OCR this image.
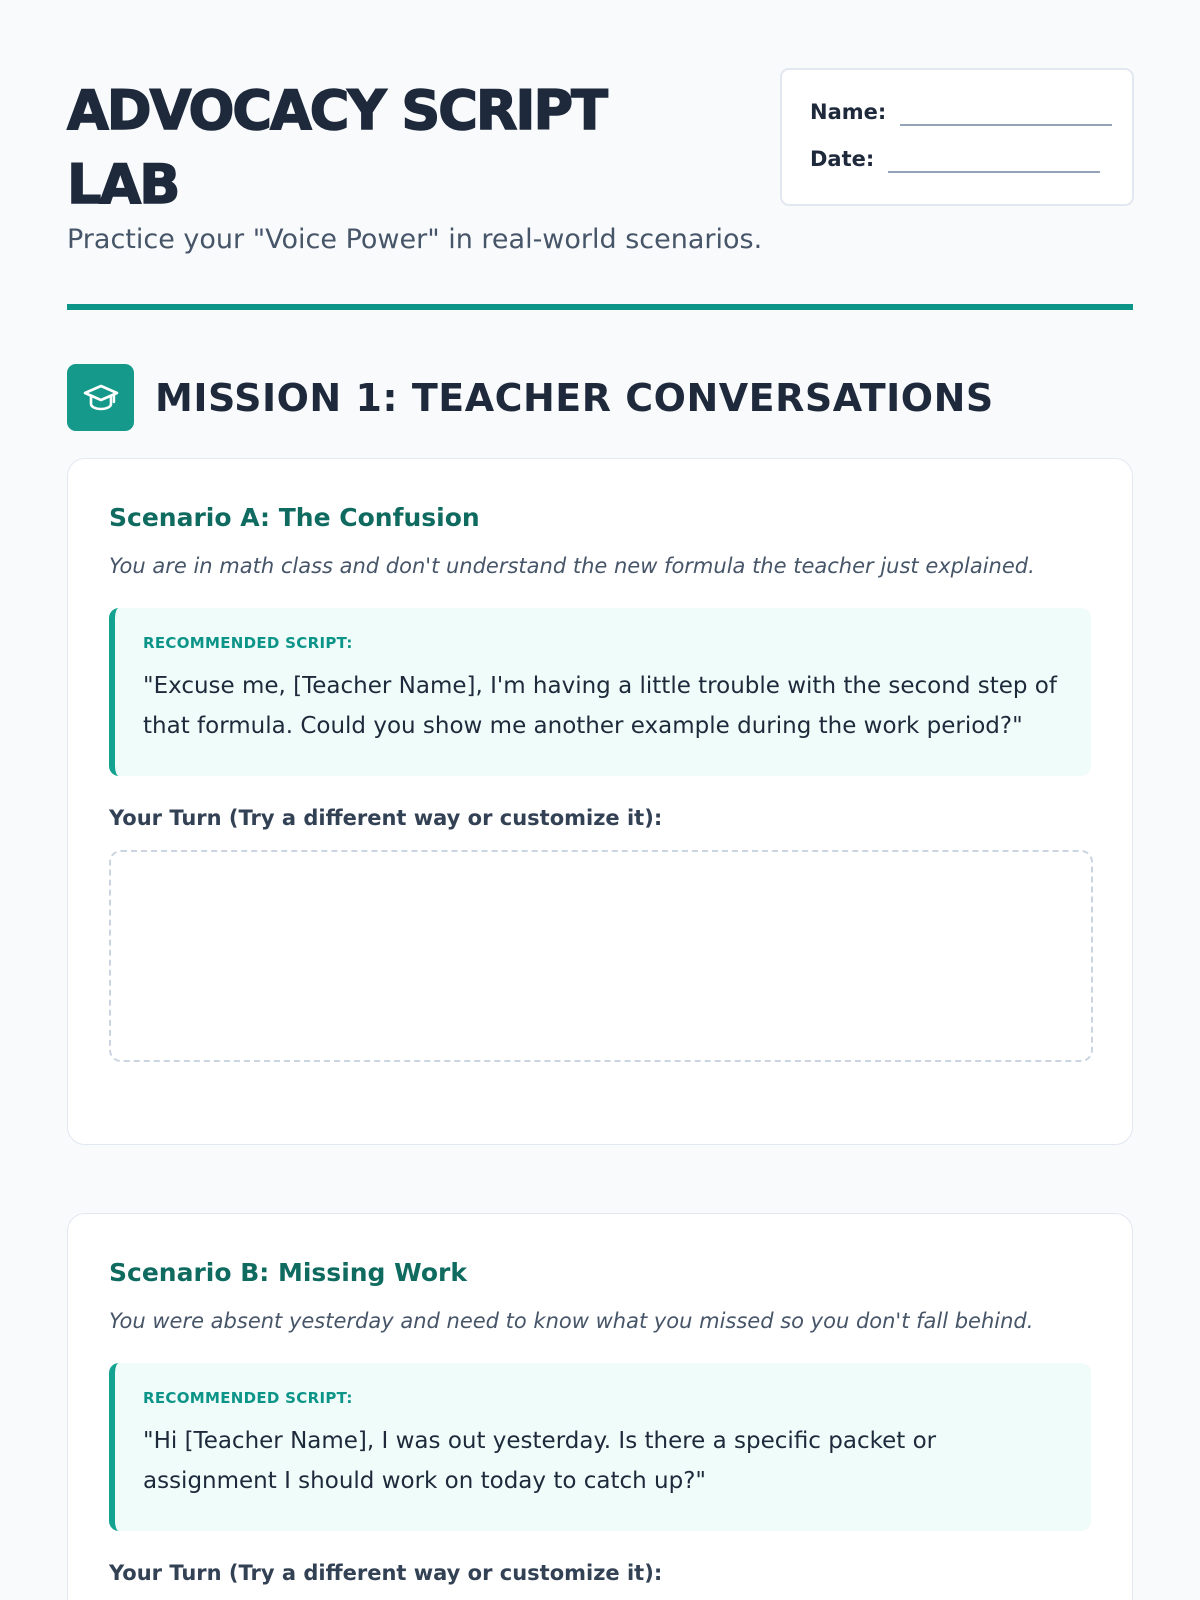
ADVOCACY SCRIPT LAB

Practice your "Voice Power" in real-world scenarios.

Name:
Date:
MISSION 1: TEACHER CONVERSATIONS
Scenario A: The Confusion

You are in math class and don't understand the new formula the teacher just explained.

RECOMMENDED SCRIPT:

"Excuse me, [Teacher Name], I'm having a little trouble with the second step of that formula. Could you show me another example during the work period?"

Your Turn (Try a different way or customize it):
Scenario B: Missing Work

You were absent yesterday and need to know what you missed so you don't fall behind.

RECOMMENDED SCRIPT:

"Hi [Teacher Name], I was out yesterday. Is there a specific packet or assignment I should work on today to catch up?"

Your Turn (Try a different way or customize it):
